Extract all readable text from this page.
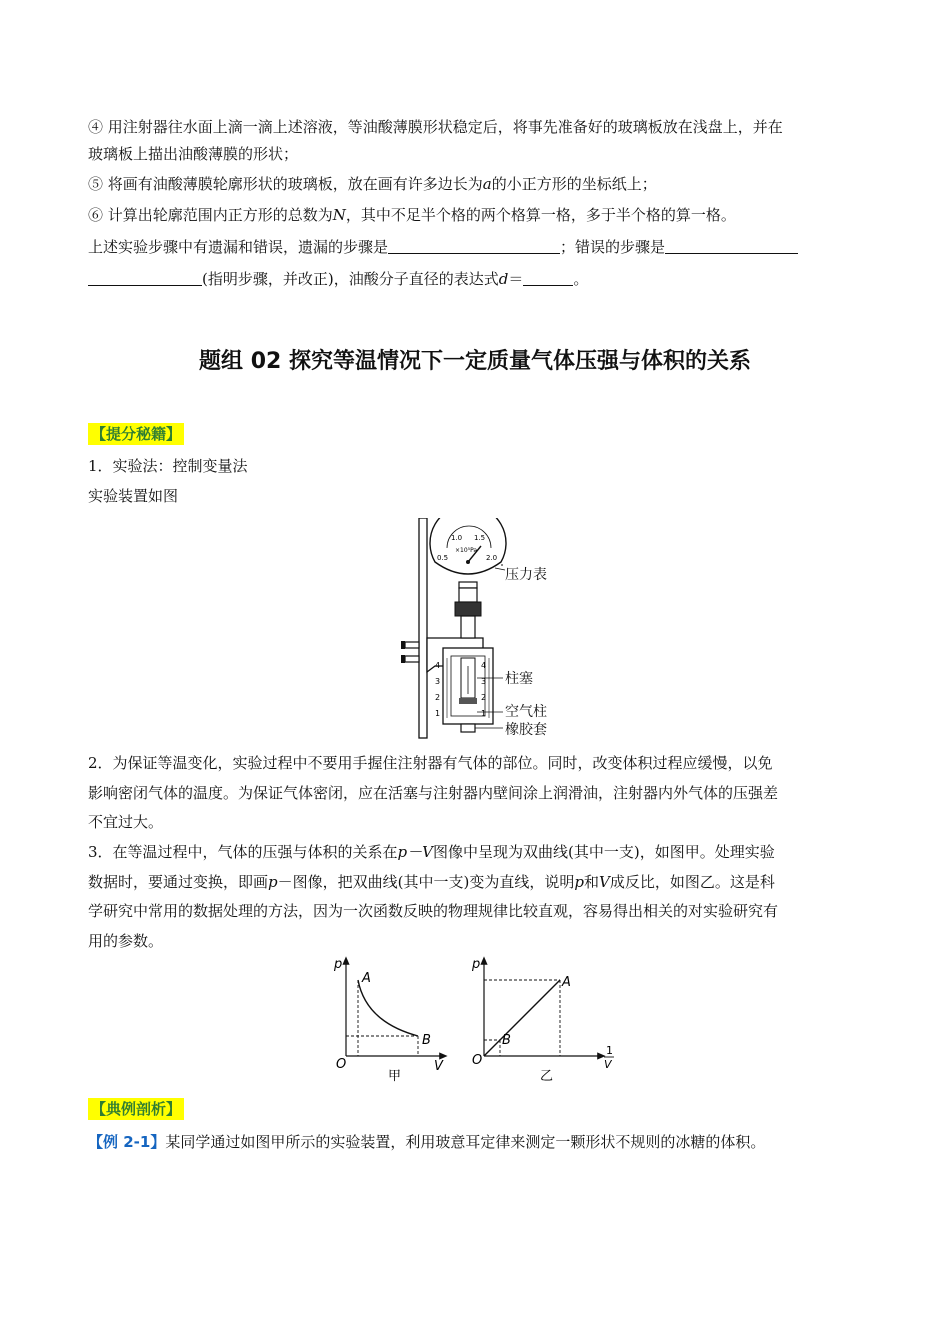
④ 用注射器往水面上滴一滴上述溶液，等油酸薄膜形状稳定后，将事先准备好的玻璃板放在浅盘上，并在
玻璃板上描出油酸薄膜的形状；
⑤ 将画有油酸薄膜轮廓形状的玻璃板，放在画有许多边长为a的小正方形的坐标纸上；
⑥ 计算出轮廓范围内正方形的总数为N，其中不足半个格的两个格算一格，多于半个格的算一格。
上述实验步骤中有遗漏和错误，遗漏的步骤是	；错误的步骤是
(指明步骤，并改正)，油酸分子直径的表达式d＝	。
题组 02 探究等温情况下一定质量气体压强与体积的关系
【提分秘籍】
1．实验法：控制变量法
实验装置如图
1.0 1.5
0.5	2.0
×10⁵Pa
压力表
4
3
2
1
4
3
2
1
柱塞
空气柱
橡胶套
2．为保证等温变化，实验过程中不要用手握住注射器有气体的部位。同时，改变体积过程应缓慢，以免
影响密闭气体的温度。为保证气体密闭，应在活塞与注射器内壁间涂上润滑油，注射器内外气体的压强差
不宜过大。
3．在等温过程中，气体的压强与体积的关系在p－V图像中呈现为双曲线(其中一支)，如图甲。处理实验
数据时，要通过变换，即画p－图像，把双曲线(其中一支)变为直线，说明p和V成反比，如图乙。这是科
学研究中常用的数据处理的方法，因为一次函数反映的物理规律比较直观，容易得出相关的对实验研究有
用的参数。
p
V
O
A
B
甲
p
1
V
O
A
B
乙
【典例剖析】
【例 2-1】某同学通过如图甲所示的实验装置，利用玻意耳定律来测定一颗形状不规则的冰糖的体积。
